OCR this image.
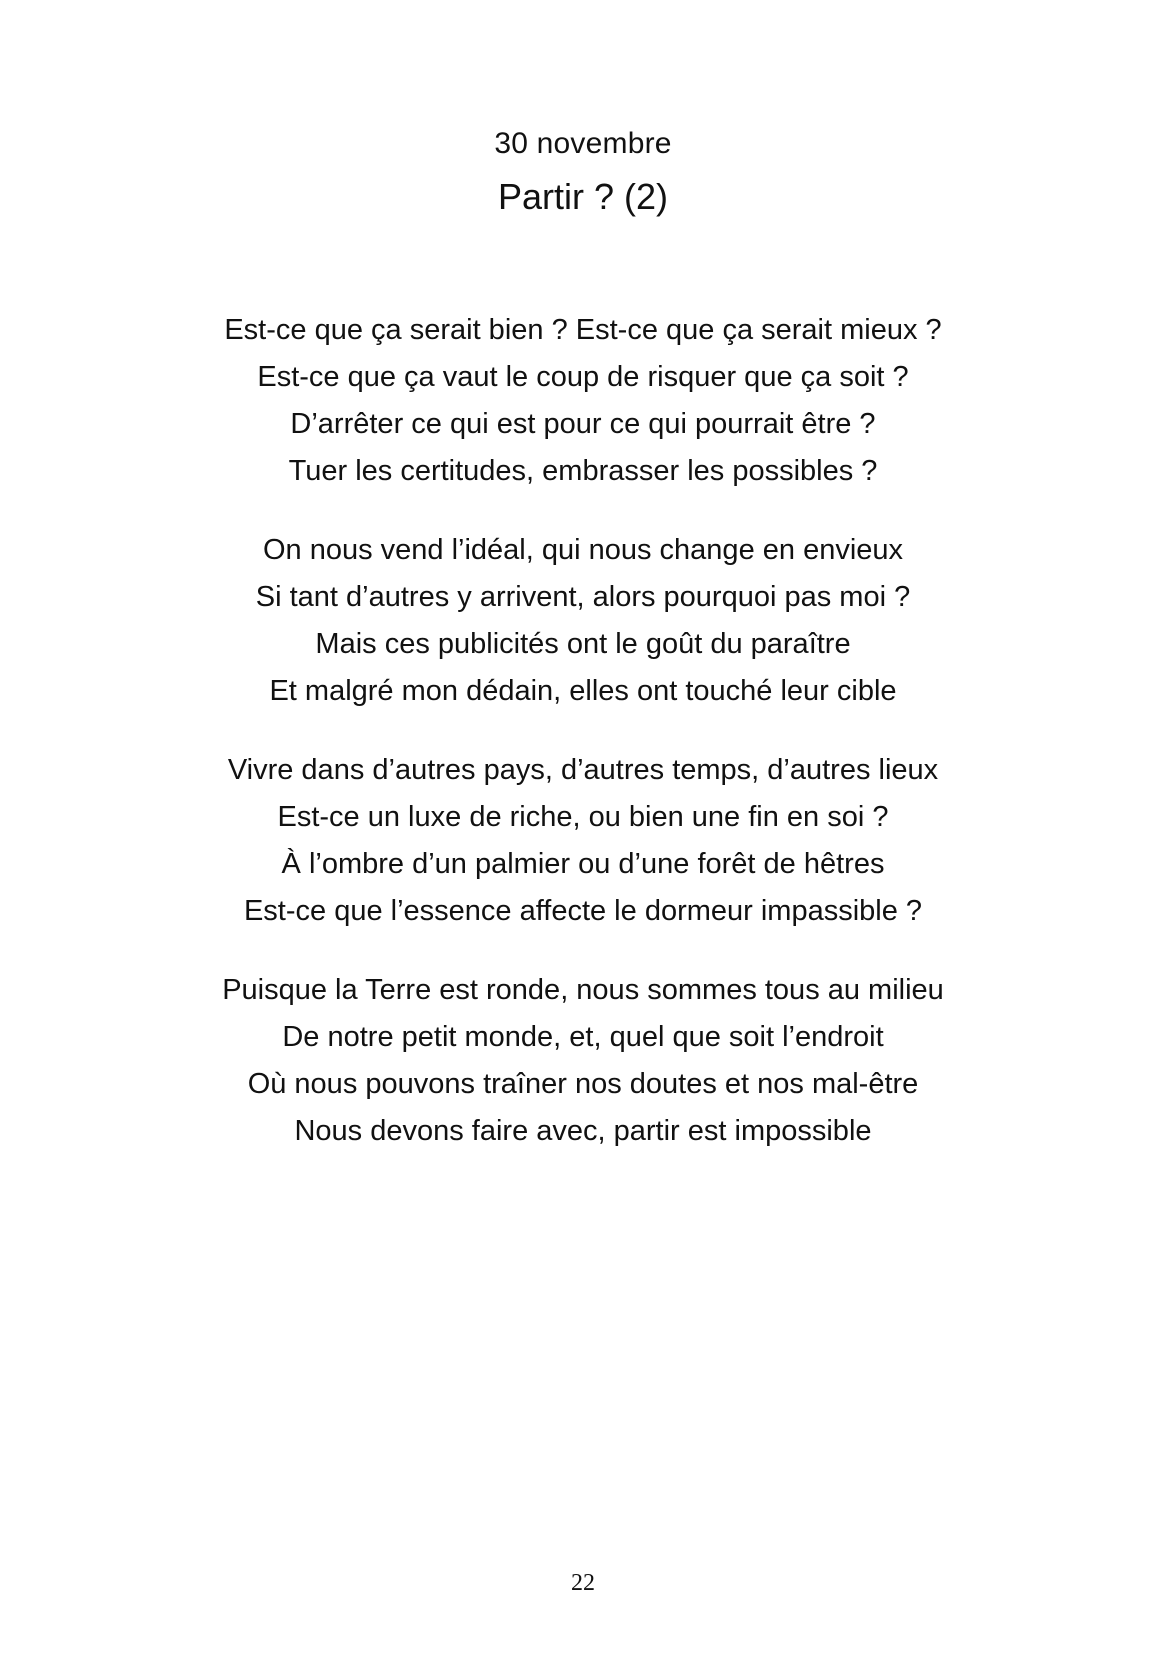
30 novembre
Partir ? (2)
Est-ce que ça serait bien ? Est-ce que ça serait mieux ?
Est-ce que ça vaut le coup de risquer que ça soit ?
D’arrêter ce qui est pour ce qui pourrait être ?
Tuer les certitudes, embrasser les possibles ?
On nous vend l’idéal, qui nous change en envieux
Si tant d’autres y arrivent, alors pourquoi pas moi ?
Mais ces publicités ont le goût du paraître
Et malgré mon dédain, elles ont touché leur cible
Vivre dans d’autres pays, d’autres temps, d’autres lieux
Est-ce un luxe de riche, ou bien une fin en soi ?
À l’ombre d’un palmier ou d’une forêt de hêtres
Est-ce que l’essence affecte le dormeur impassible ?
Puisque la Terre est ronde, nous sommes tous au milieu
De notre petit monde, et, quel que soit l’endroit
Où nous pouvons traîner nos doutes et nos mal-être
Nous devons faire avec, partir est impossible
22
